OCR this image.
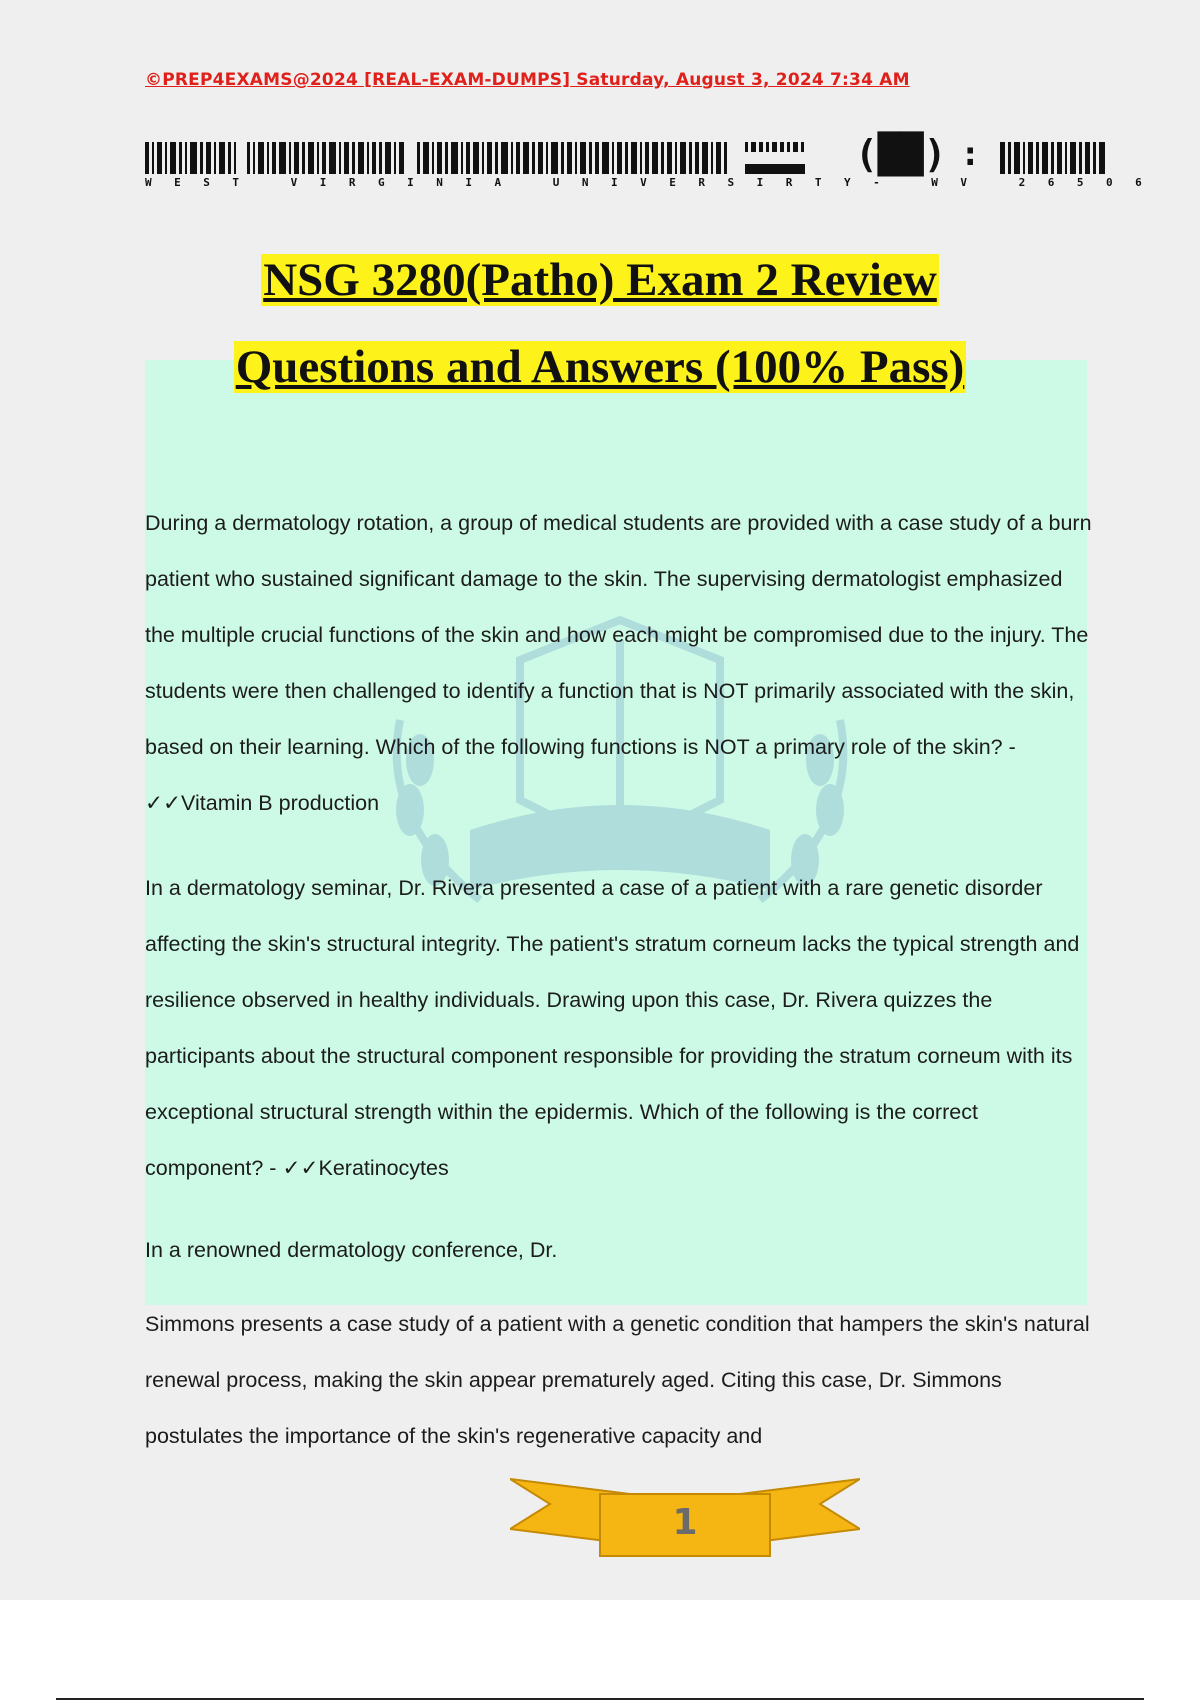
©PREP4EXAMS@2024 [REAL-EXAM-DUMPS] Saturday, August 3, 2024 7:34 AM
(██) :
WEST VIRGINIA UNIVERSIRTY- WV 26506
NSG 3280(Patho) Exam 2 Review
Questions and Answers (100% Pass)
During a dermatology rotation, a group of medical students are provided with a case study of a burn patient who sustained significant damage to the skin. The supervising dermatologist emphasized the multiple crucial functions of the skin and how each might be compromised due to the injury. The students were then challenged to identify a function that is NOT primarily associated with the skin, based on their learning. Which of the following functions is NOT a primary role of the skin? - ✓✓Vitamin B production
In a dermatology seminar, Dr. Rivera presented a case of a patient with a rare genetic disorder affecting the skin's structural integrity. The patient's stratum corneum lacks the typical strength and resilience observed in healthy individuals. Drawing upon this case, Dr. Rivera quizzes the participants about the structural component responsible for providing the stratum corneum with its exceptional structural strength within the epidermis. Which of the following is the correct component? - ✓✓Keratinocytes
In a renowned dermatology conference, Dr.
Simmons presents a case study of a patient with a genetic condition that hampers the skin's natural renewal process, making the skin appear prematurely aged. Citing this case, Dr. Simmons postulates the importance of the skin's regenerative capacity and
1
